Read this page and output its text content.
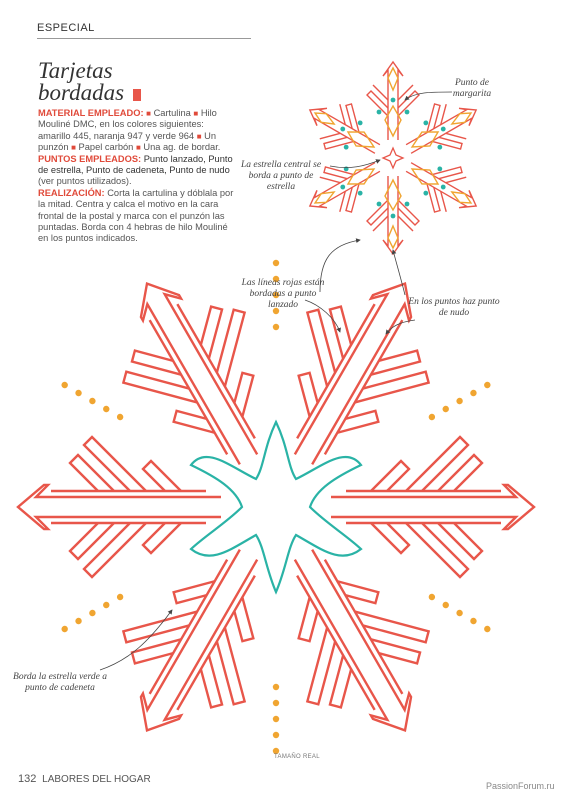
ESPECIAL
Tarjetas
bordadas
MATERIAL EMPLEADO: ■ Cartulina ■ Hilo Mouliné DMC, en los colores siguientes: amarillo 445, naranja 947 y verde 964 ■ Un punzón ■ Papel carbón ■ Una ag. de bordar.
PUNTOS EMPLEADOS: Punto lanzado, Punto de estrella, Punto de cadeneta, Punto de nudo (ver puntos utilizados).
REALIZACIÓN: Corta la cartulina y dóblala por la mitad. Centra y calca el motivo en la cara frontal de la postal y marca con el punzón las puntadas. Borda con 4 hebras de hilo Mouliné en los puntos indicados.
Punto de margarita
La estrella central se borda a punto de estrella
Las líneas rojas están bordadas a punto lanzado	En los puntos haz punto de nudo
Borda la estrella verde a punto de cadeneta
TAMAÑO REAL
132 LABORES DEL HOGAR
PassionForum.ru
